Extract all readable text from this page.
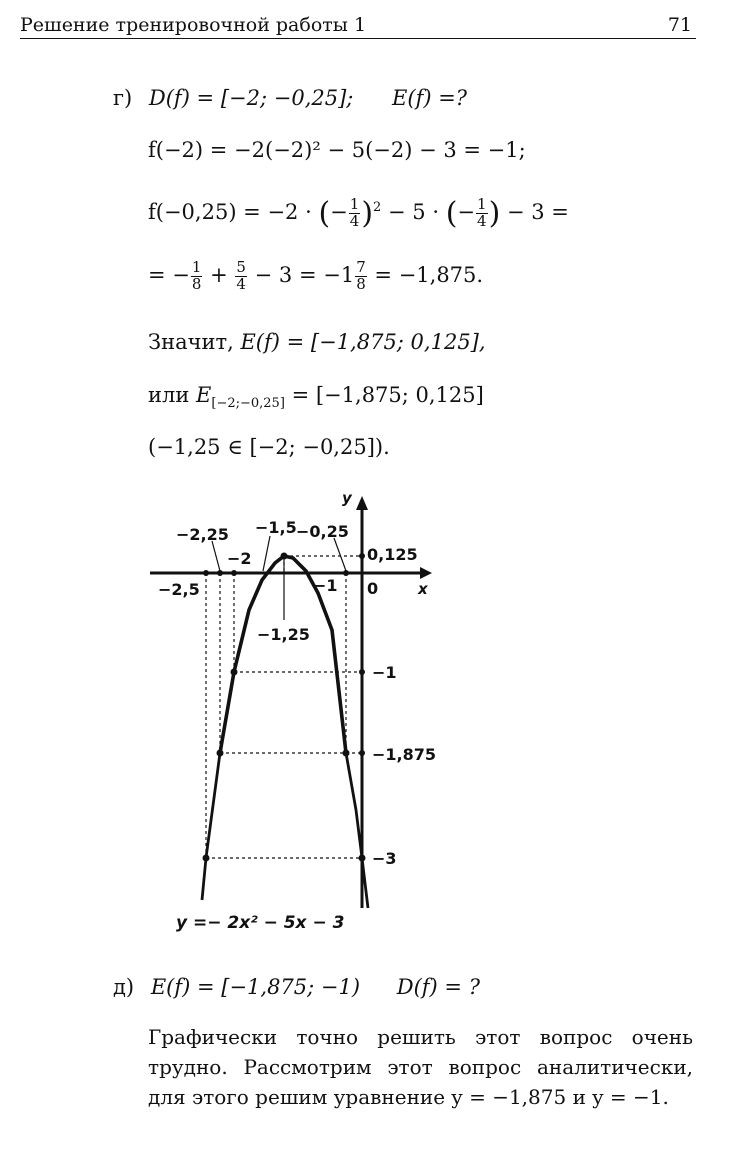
Решение тренировочной работы 1	71
г) D(f) = [−2; −0,25]; E(f) =?
f(−2) = −2(−2)² − 5(−2) − 3 = −1;
f(−0,25) = −2 · (− $\frac{1}{4} )^2 - 5$ · (− $\frac{1}{4}$ ) − 3 =
= − $\frac{1}{8} + \frac{5}{4} - 3 = -1 \frac{7}{8} = -1,875$.
Значит, E(f) = [−1,875; 0,125],
или $E_{[-2;-0,25]} = [-1,875$; 0,125]
(−1,25 ∈ [−2; −0,25]).
y
x
0
−2,25 −1,5 −0,25
−2
−2,5	−1
−1,25
0,125
−1
−1,875
−3
y =− 2x² − 5x − 3
д) E(f) = [−1,875; −1) D(f) = ?
Графически точно решить этот вопрос очень трудно. Рассмотрим этот вопрос аналитически, для этого решим уравнение y = −1,875 и y = −1.
